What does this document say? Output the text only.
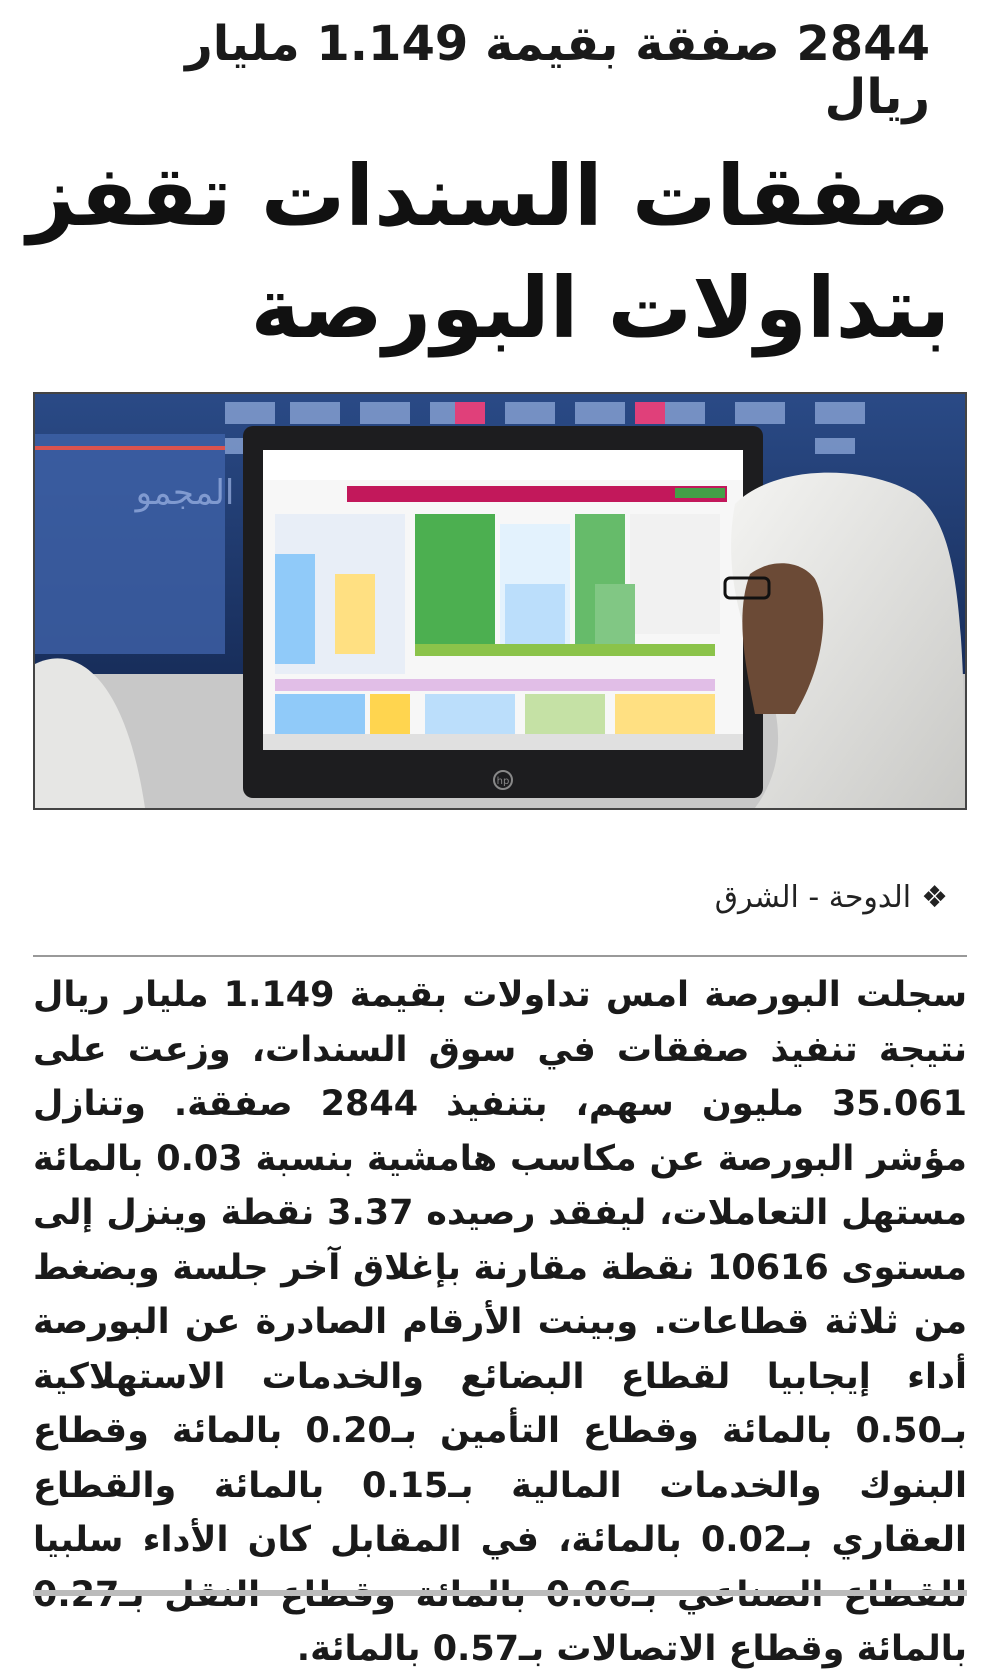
2844 صفقة بقيمة 1.149 مليار ريال
صفقات السندات تقفز
بتداولات البورصة
المجمو
hp
❖الدوحة - الشرق
سجلت البورصة امس تداولات بقيمة 1.149 مليار ريال نتيجة تنفيذ صفقات في سوق السندات، وزعت على 35.061 مليون سهم، بتنفيذ 2844 صفقة. وتنازل مؤشر البورصة عن مكاسب هامشية بنسبة 0.03 بالمائة مستهل التعاملات، ليفقد رصيده 3.37 نقطة وينزل إلى مستوى 10616 نقطة مقارنة بإغلاق آخر جلسة وبضغط من ثلاثة قطاعات. وبينت الأرقام الصادرة عن البورصة أداء إيجابيا لقطاع البضائع والخدمات الاستهلاكية بـ0.50 بالمائة وقطاع التأمين بـ0.20 بالمائة وقطاع البنوك والخدمات المالية بـ0.15 بالمائة والقطاع العقاري بـ0.02 بالمائة، في المقابل كان الأداء سلبيا بالمائة وقطاع الاتصالات بـ0.57 بالمائة.
